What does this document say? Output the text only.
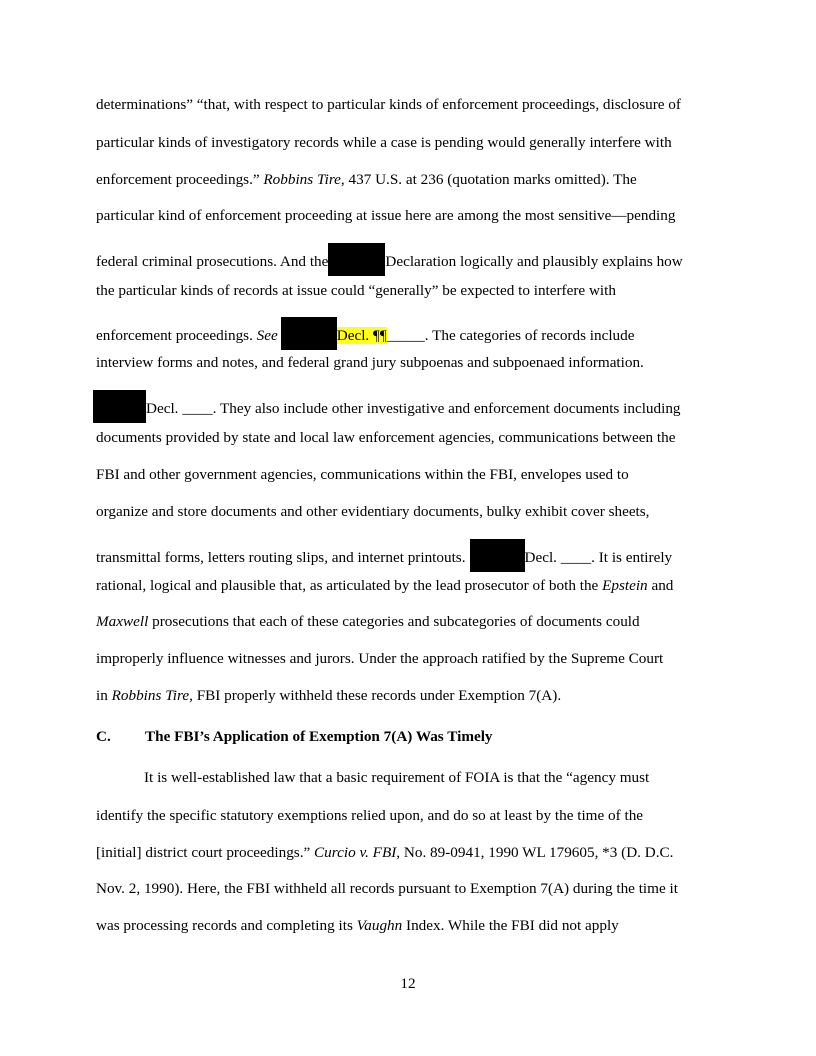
determinations” “that, with respect to particular kinds of enforcement proceedings, disclosure of
particular kinds of investigatory records while a case is pending would generally interfere with
enforcement proceedings.” Robbins Tire, 437 U.S. at 236 (quotation marks omitted). The
particular kind of enforcement proceeding at issue here are among the most sensitive—pending
federal criminal prosecutions. And the	Declaration logically and plausibly explains how
the particular kinds of records at issue could “generally” be expected to interfere with
enforcement proceedings. See	Decl. ¶¶_____. The categories of records include
interview forms and notes, and federal grand jury subpoenas and subpoenaed information.
Decl. ____. They also include other investigative and enforcement documents including
documents provided by state and local law enforcement agencies, communications between the
FBI and other government agencies, communications within the FBI, envelopes used to
organize and store documents and other evidentiary documents, bulky exhibit cover sheets,
transmittal forms, letters routing slips, and internet printouts.	Decl. ____. It is entirely
rational, logical and plausible that, as articulated by the lead prosecutor of both the Epstein and
Maxwell prosecutions that each of these categories and subcategories of documents could
improperly influence witnesses and jurors. Under the approach ratified by the Supreme Court
in Robbins Tire, FBI properly withheld these records under Exemption 7(A).
C. The FBI’s Application of Exemption 7(A) Was Timely
It is well-established law that a basic requirement of FOIA is that the “agency must
identify the specific statutory exemptions relied upon, and do so at least by the time of the
[initial] district court proceedings.” Curcio v. FBI, No. 89-0941, 1990 WL 179605, *3 (D. D.C.
Nov. 2, 1990). Here, the FBI withheld all records pursuant to Exemption 7(A) during the time it
was processing records and completing its Vaughn Index. While the FBI did not apply
12
